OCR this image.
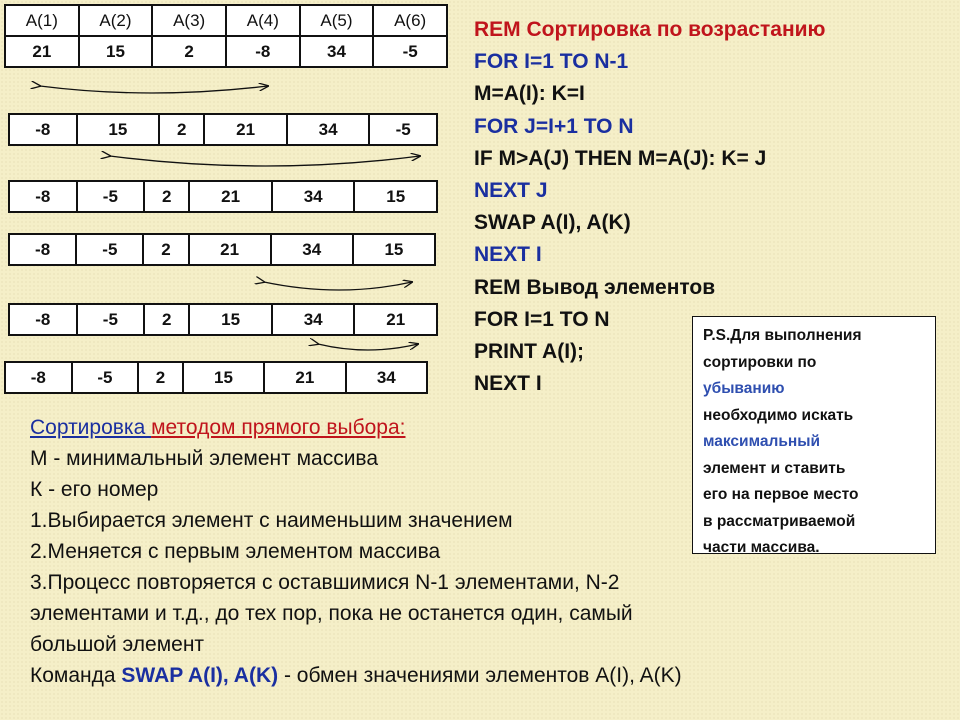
A(1)	A(2)	A(3)	A(4)	A(5)	A(6)
21	15	2	-8	34	-5
-8	15	2	21	34	-5
-8	-5	2	21	34	15
-8	-5	2	21	34	15
-8	-5	2	15	34	21
-8	-5	2	15	21	34
REM Сортировка по возрастанию
FOR I=1 TO N-1
M=A(I): K=I
FOR J=I+1 TO N
IF M>A(J) THEN M=A(J): K= J
NEXT J
SWAP A(I), A(K)
NEXT I
REM Вывод элементов
FOR I=1 TO N
PRINT A(I);
NEXT I
Сортировка методом прямого выбора:
М - минимальный элемент массива
К - его номер
1.Выбирается элемент с наименьшим значением
2.Меняется с первым элементом массива
3.Процесс повторяется с оставшимися N-1 элементами, N-2
элементами и т.д., до тех пор, пока не останется один, самый
большой элемент
Команда SWAP A(I), A(K) - обмен значениями элементов A(I), A(K)
P.S.Для выполнения
сортировки по
убыванию
необходимо искать
максимальный
элемент и ставить
его на первое место
в рассматриваемой
части массива.
